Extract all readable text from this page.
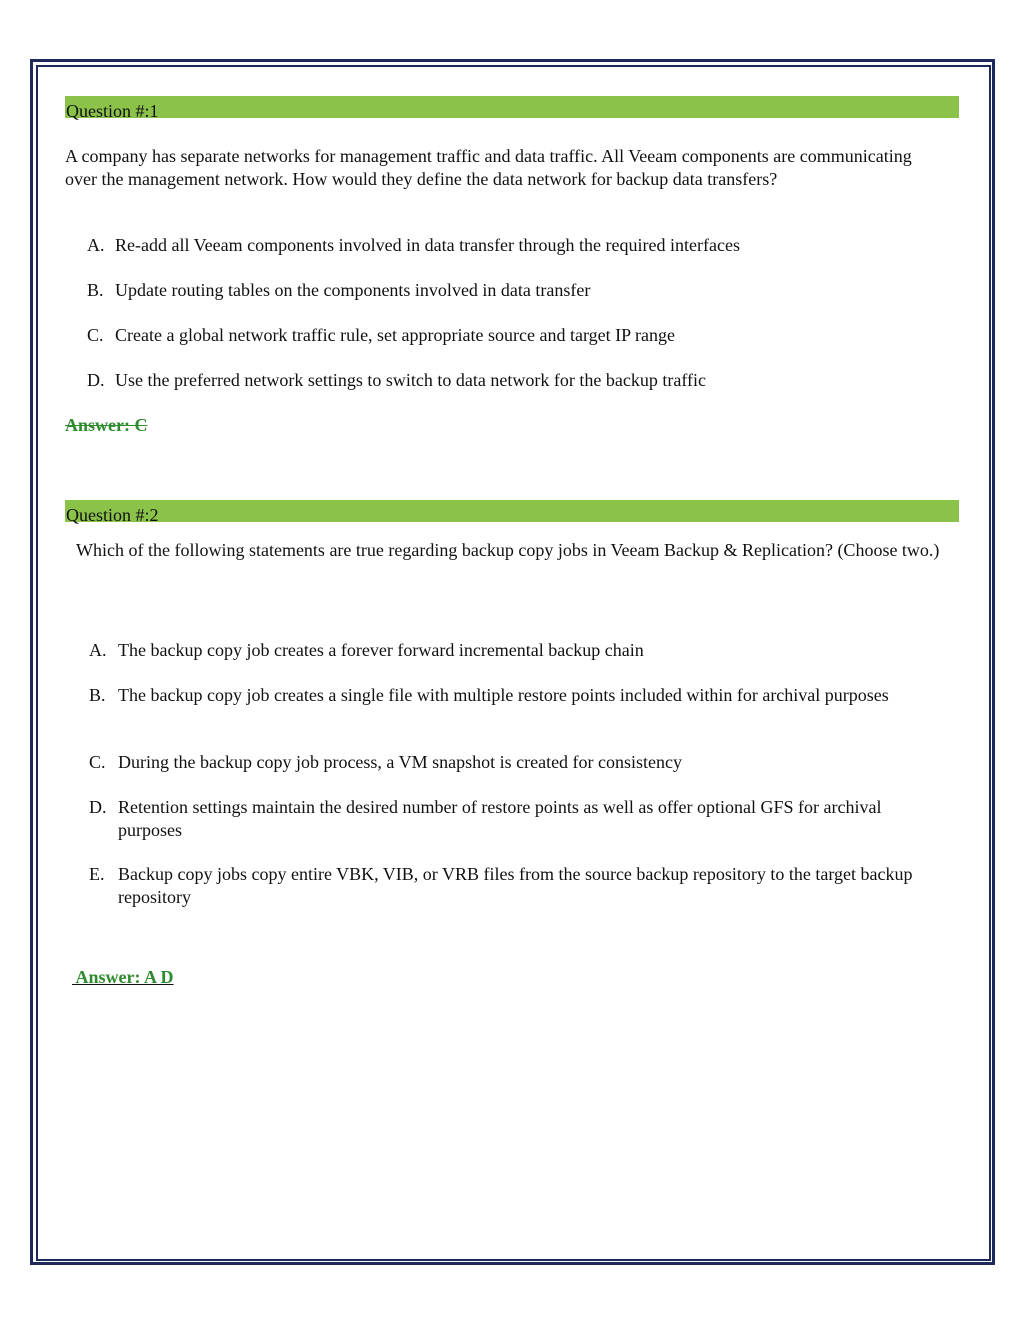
Question #:1
A company has separate networks for management traffic and data traffic. All Veeam components are communicating over the management network. How would they define the data network for backup data transfers?
A. Re-add all Veeam components involved in data transfer through the required interfaces
B. Update routing tables on the components involved in data transfer
C. Create a global network traffic rule, set appropriate source and target IP range
D. Use the preferred network settings to switch to data network for the backup traffic
Answer: C
Question #:2
Which of the following statements are true regarding backup copy jobs in Veeam Backup & Replication? (Choose two.)
A. The backup copy job creates a forever forward incremental backup chain
B. The backup copy job creates a single file with multiple restore points included within for archival purposes
C. During the backup copy job process, a VM snapshot is created for consistency
D. Retention settings maintain the desired number of restore points as well as offer optional GFS for archival purposes
E. Backup copy jobs copy entire VBK, VIB, or VRB files from the source backup repository to the target backup repository
Answer: A D
